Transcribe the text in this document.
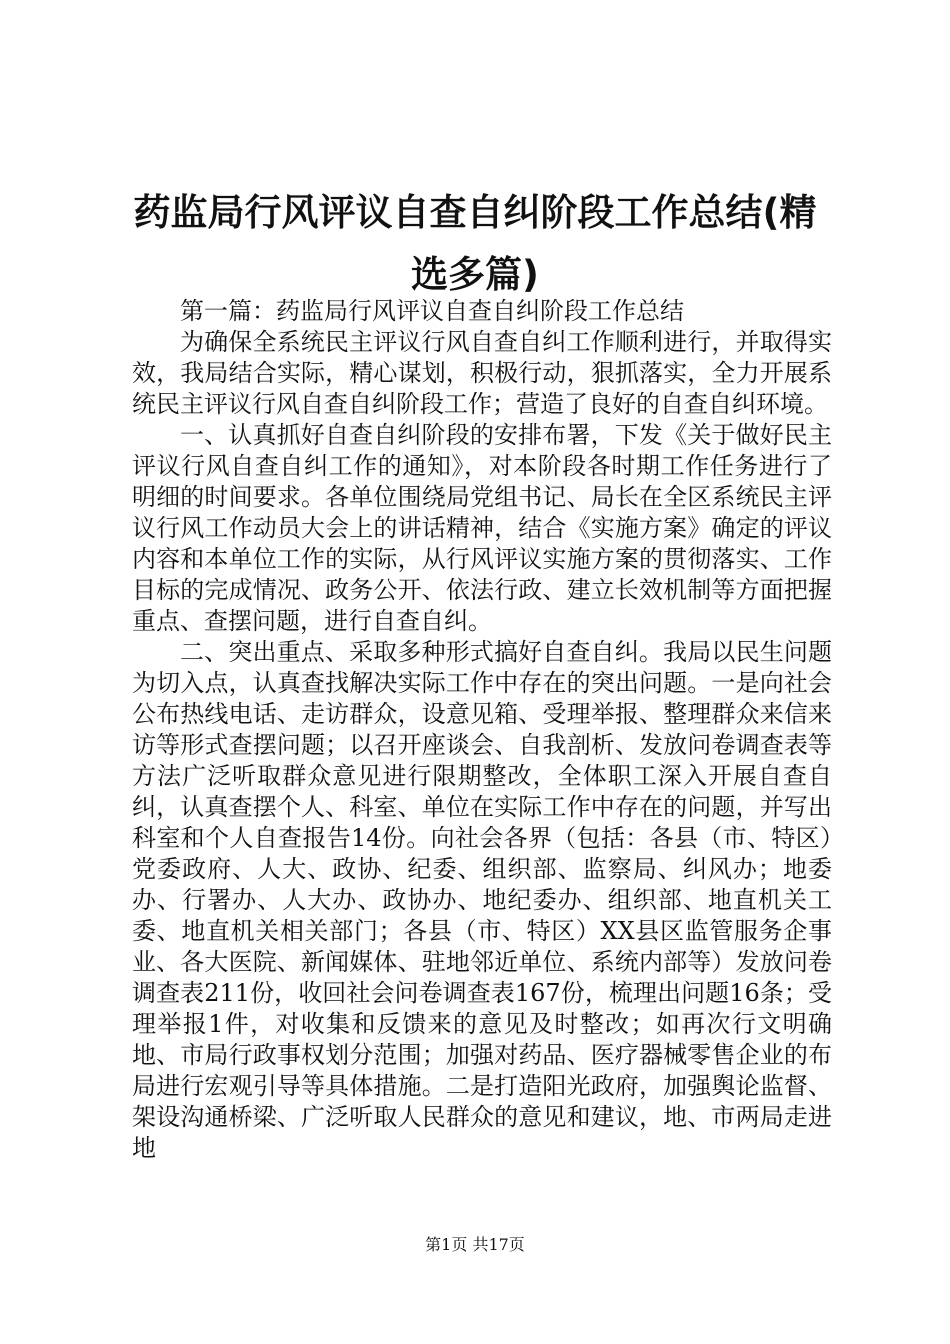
药监局行风评议自查自纠阶段工作总结(精选多篇)

第一篇：药监局行风评议自查自纠阶段工作总结

为确保全系统民主评议行风自查自纠工作顺利进行，并取得实效，我局结合实际，精心谋划，积极行动，狠抓落实，全力开展系统民主评议行风自查自纠阶段工作；营造了良好的自查自纠环境。

一、认真抓好自查自纠阶段的安排布署，下发《关于做好民主评议行风自查自纠工作的通知》，对本阶段各时期工作任务进行了明细的时间要求。各单位围绕局党组书记、局长在全区系统民主评议行风工作动员大会上的讲话精神，结合《实施方案》确定的评议内容和本单位工作的实际，从行风评议实施方案的贯彻落实、工作目标的完成情况、政务公开、依法行政、建立长效机制等方面把握重点、查摆问题，进行自查自纠。

二、突出重点、采取多种形式搞好自查自纠。我局以民生问题为切入点，认真查找解决实际工作中存在的突出问题。一是向社会公布热线电话、走访群众，设意见箱、受理举报、整理群众来信来访等形式查摆问题；以召开座谈会、自我剖析、发放问卷调查表等方法广泛听取群众意见进行限期整改，全体职工深入开展自查自纠，认真查摆个人、科室、单位在实际工作中存在的问题，并写出科室和个人自查报告14份。向社会各界（包括：各县（市、特区）党委政府、人大、政协、纪委、组织部、监察局、纠风办；地委办、行署办、人大办、政协办、地纪委办、组织部、地直机关工委、地直机关相关部门；各县（市、特区）XX县区监管服务企事业、各大医院、新闻媒体、驻地邻近单位、系统内部等）发放问卷调查表211份，收回社会问卷调查表167份，梳理出问题16条；受理举报1件，对收集和反馈来的意见及时整改；如再次行文明确地、市局行政事权划分范围；加强对药品、医疗器械零售企业的布局进行宏观引导等具体措施。二是打造阳光政府，加强舆论监督、架设沟通桥梁、广泛听取人民群众的意见和建议，地、市两局走进地

第1页 共17页
